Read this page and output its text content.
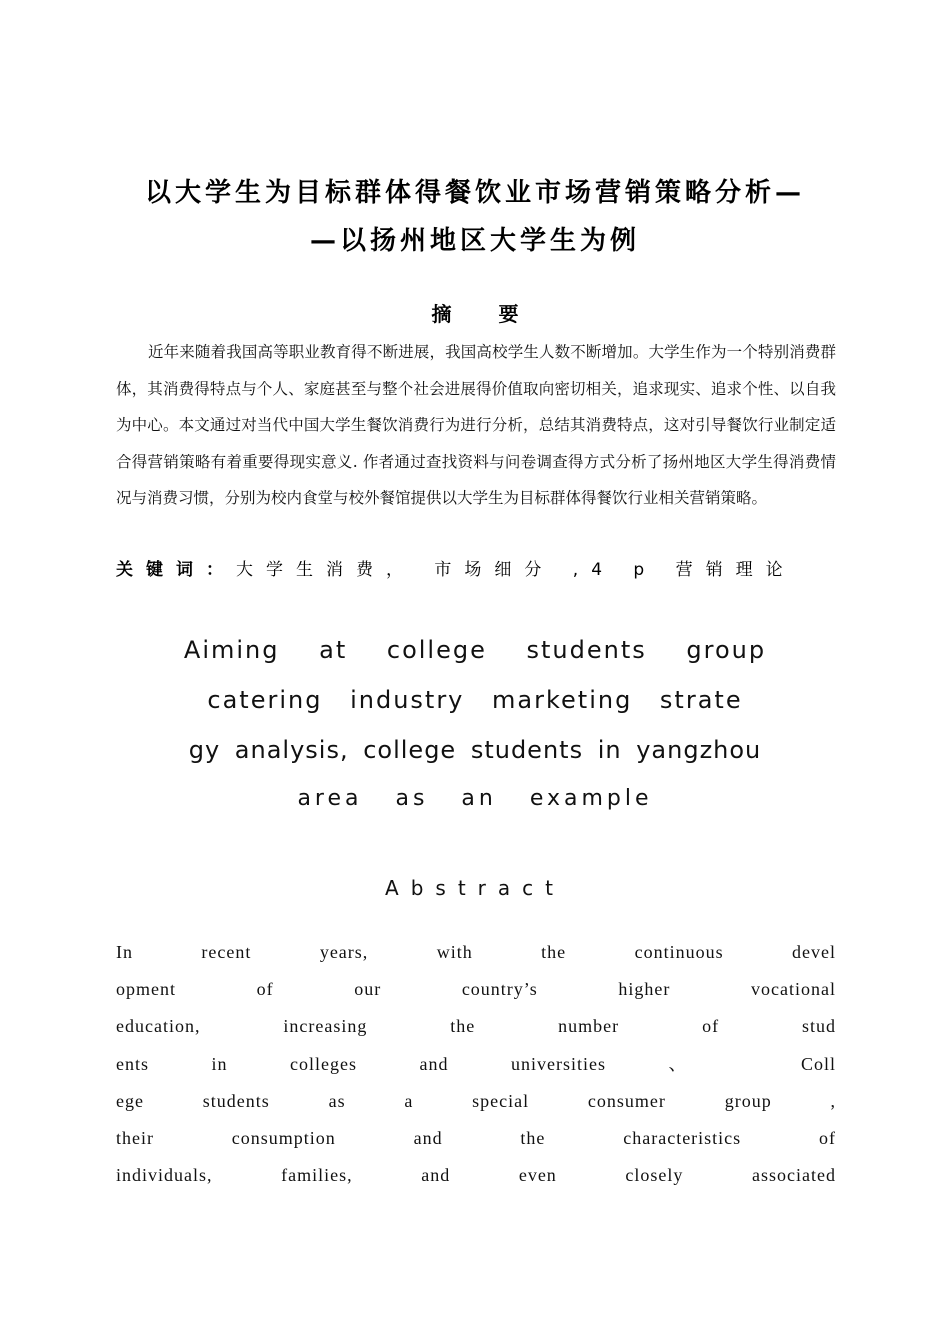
以大学生为目标群体得餐饮业市场营销策略分析—
—以扬州地区大学生为例
摘 要

近年来随着我国高等职业教育得不断进展，我国高校学生人数不断增加。大学生作为一个特别消费群体，其消费得特点与个人、家庭甚至与整个社会进展得价值取向密切相关，追求现实、追求个性、以自我为中心。本文通过对当代中国大学生餐饮消费行为进行分析，总结其消费特点，这对引导餐饮行业制定适合得营销策略有着重要得现实意义. 作者通过查找资料与问卷调查得方式分析了扬州地区大学生得消费情况与消费习惯，分别为校内食堂与校外餐馆提供以大学生为目标群体得餐饮行业相关营销策略。

关键词：大学生消费， 市场细分 ,4 p 营销理论
Aiming at college students group
catering industry marketing strate
gy analysis, college students in yangzhou
area as an example
Abstract
In recent years, with the continuous devel
opment of our country’s higher vocational
education, increasing the number of stud
ents in colleges and universities 、 Coll
ege students as a special consumer group ,
their consumption and the characteristics of
individuals, families, and even closely associated
